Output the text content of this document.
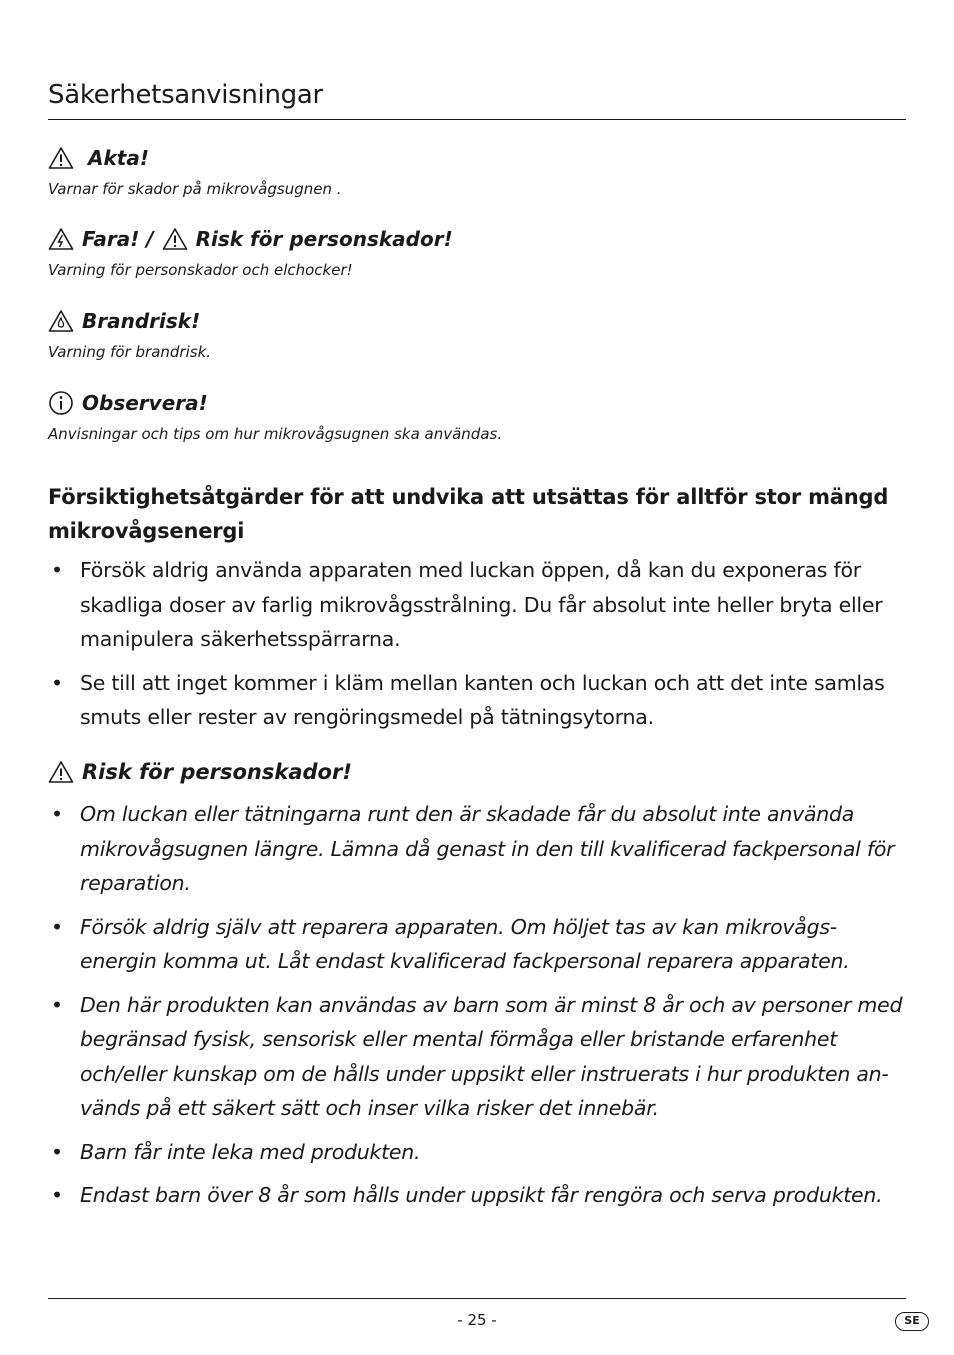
Säkerhetsanvisningar
Akta!
Varnar för skador på mikrovågsugnen .
Fara! / Risk för personskador!
Varning för personskador och elchocker!
Brandrisk!
Varning för brandrisk.
Observera!
Anvisningar och tips om hur mikrovågsugnen ska användas.
Försiktighetsåtgärder för att undvika att utsättas för alltför stor mängd mikrovågsenergi
• Försök aldrig använda apparaten med luckan öppen, då kan du exponeras för skadliga doser av farlig mikrovågsstrålning. Du får absolut inte heller bryta eller manipulera säkerhetsspärrarna.
• Se till att inget kommer i kläm mellan kanten och luckan och att det inte samlas smuts eller rester av rengöringsmedel på tätningsytorna.
Risk för personskador!
• Om luckan eller tätningarna runt den är skadade får du absolut inte använda mikrovågsugnen längre. Lämna då genast in den till kvalificerad fackpersonal för reparation.
• Försök aldrig själv att reparera apparaten. Om höljet tas av kan mikrovågs-energin komma ut. Låt endast kvalificerad fackpersonal reparera apparaten.
• Den här produkten kan användas av barn som är minst 8 år och av personer med begränsad fysisk, sensorisk eller mental förmåga eller bristande erfarenhet och/eller kunskap om de hålls under uppsikt eller instruerats i hur produkten an-vänds på ett säkert sätt och inser vilka risker det innebär.
• Barn får inte leka med produkten.
• Endast barn över 8 år som hålls under uppsikt får rengöra och serva produkten.
- 25 -	SE
